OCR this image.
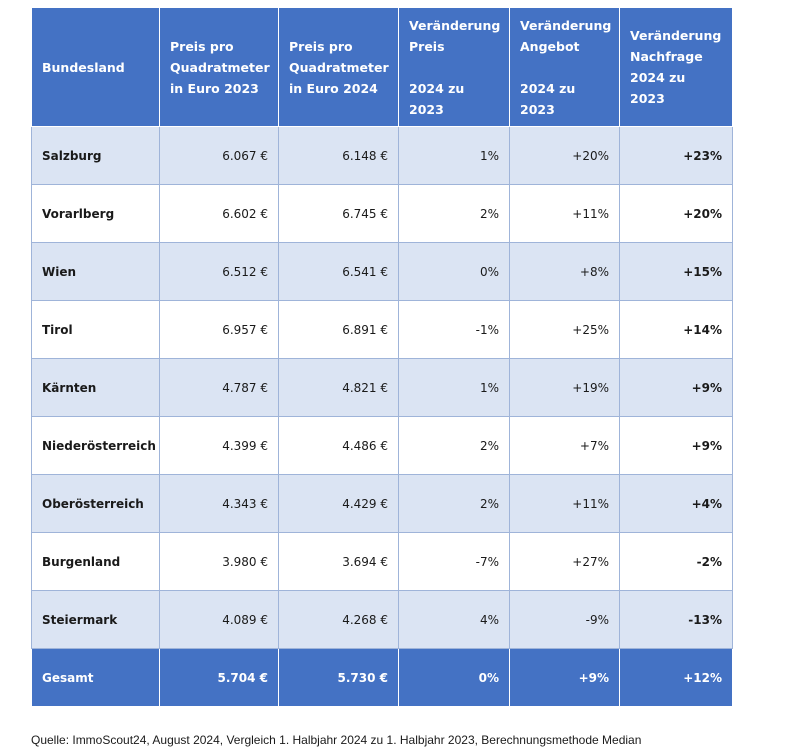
Bundesland	Preis pro
Quadratmeter
in Euro 2023	Preis pro
Quadratmeter
in Euro 2024	Veränderung
Preis

2024 zu 2023	Veränderung
Angebot

2024 zu 2023	Veränderung
Nachfrage
2024 zu 2023
Salzburg	6.067 €	6.148 €	1%	+20%	+23%
Vorarlberg	6.602 €	6.745 €	2%	+11%	+20%
Wien	6.512 €	6.541 €	0%	+8%	+15%
Tirol	6.957 €	6.891 €	-1%	+25%	+14%
Kärnten	4.787 €	4.821 €	1%	+19%	+9%
Niederösterreich	4.399 €	4.486 €	2%	+7%	+9%
Oberösterreich	4.343 €	4.429 €	2%	+11%	+4%
Burgenland	3.980 €	3.694 €	-7%	+27%	-2%
Steiermark	4.089 €	4.268 €	4%	-9%	-13%
Gesamt	5.704 €	5.730 €	0%	+9%	+12%
Quelle: ImmoScout24, August 2024, Vergleich 1. Halbjahr 2024 zu 1. Halbjahr 2023, Berechnungsmethode Median
